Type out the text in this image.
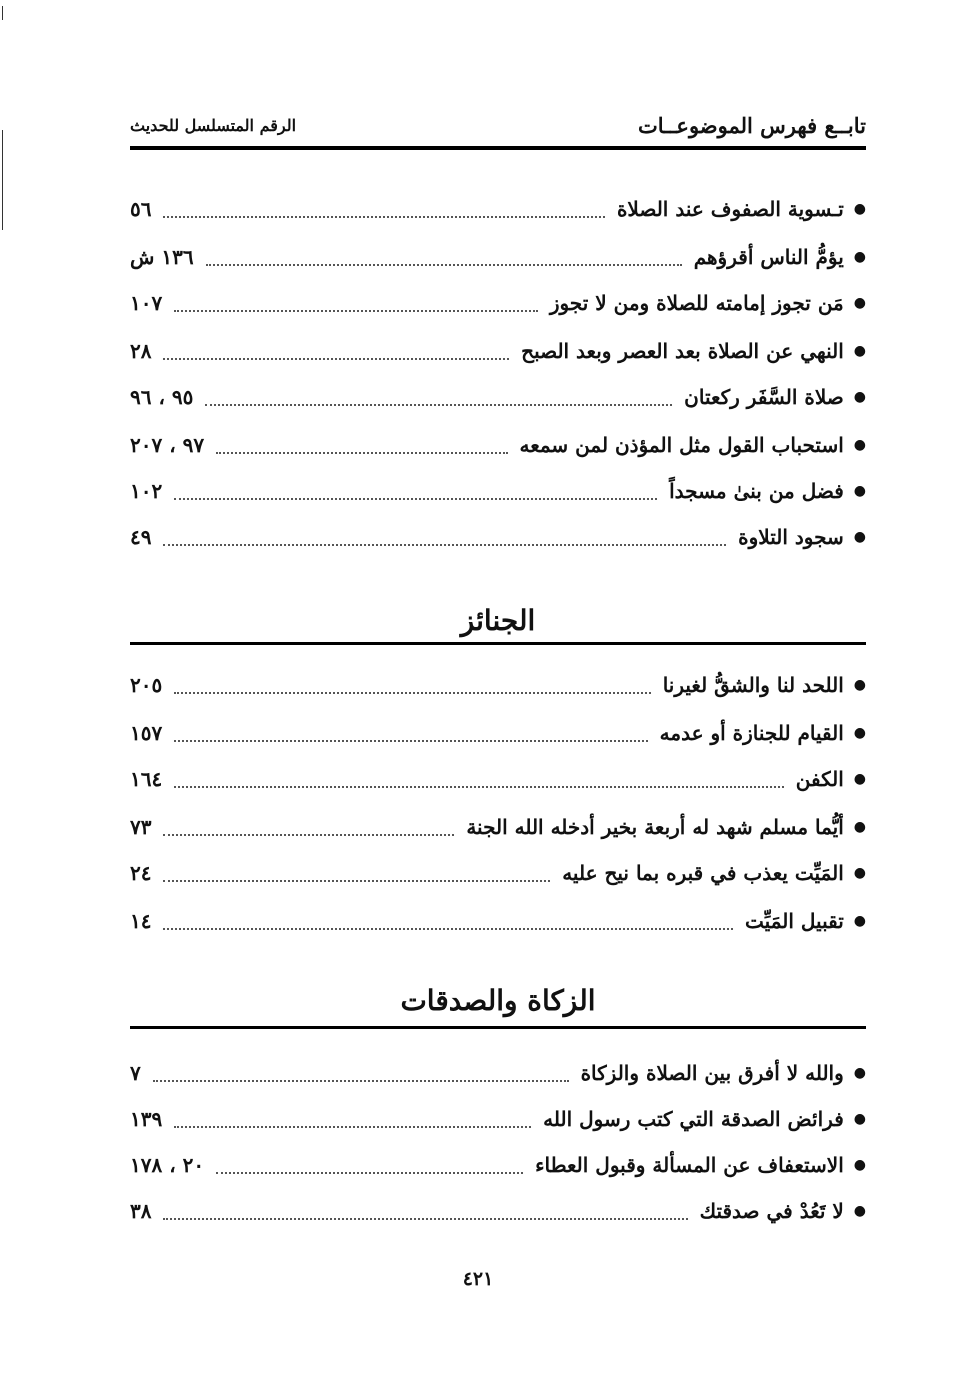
تابــع فهرس الموضوعــات
الرقم المتسلسل للحديث
●
تـسوية الصفوف عند الصلاة
٥٦
●
يؤمُّ الناس أقرؤهم
١٣٦ ش
●
مَن تجوز إمامته للصلاة ومن لا تجوز
١٠٧
●
النهي عن الصلاة بعد العصر وبعد الصبح
٢٨
●
صلاة السَّفَر ركعتان
٩٥ ، ٩٦
●
استحباب القول مثل المؤذن لمن سمعه
٩٧ ، ٢٠٧
●
فضل من بنىٰ مسجداً
١٠٢
●
سجود التلاوة
٤٩
الجنائز
●
اللحد لنا والشقُّ لغيرنا
٢٠٥
●
القيام للجنازة أو عدمه
١٥٧
●
الكفن
١٦٤
●
أيُّما مسلم شهد له أربعة بخير أدخله الله الجنة
٧٣
●
المَيِّت يعذب في قبره بما نيح عليه
٢٤
●
تقبيل المَيِّت
١٤
الزكاة والصدقات
●
والله لا أفرق بين الصلاة والزكاة
٧
●
فرائض الصدقة التي كتب رسول الله
١٣٩
●
الاستعفاف عن المسألة وقبول العطاء
٢٠ ، ١٧٨
●
لا تَعُدْ في صدقتك
٣٨
٤٢١
